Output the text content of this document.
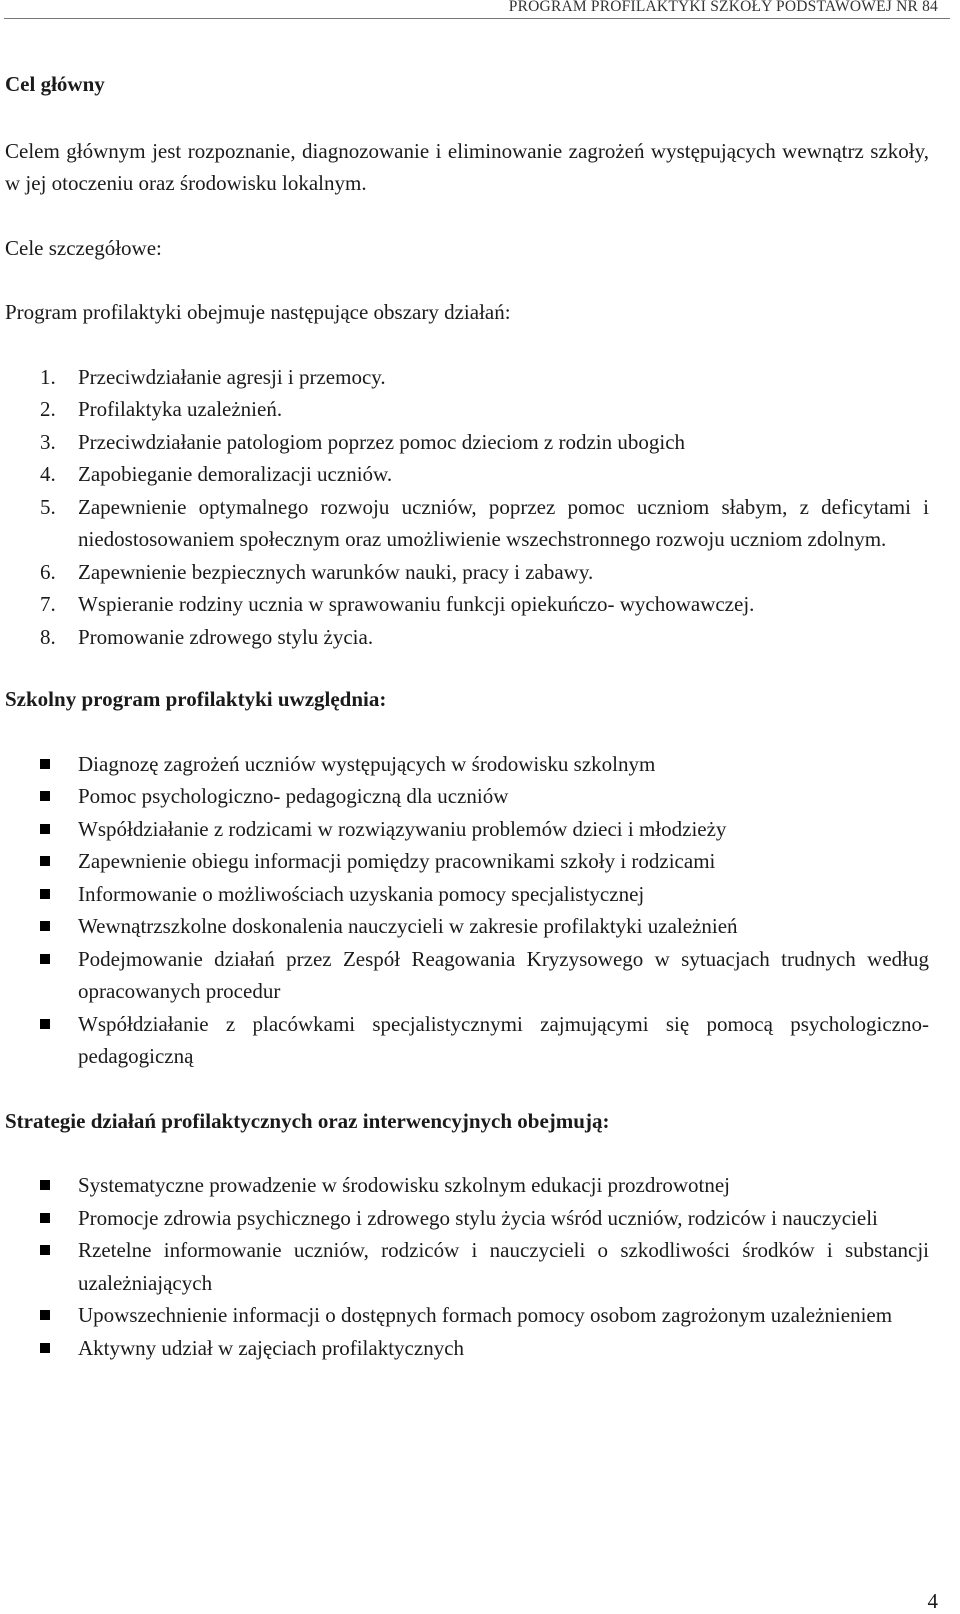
PROGRAM PROFILAKTYKI SZKOŁY PODSTAWOWEJ NR 84
Cel główny

Celem głównym jest rozpoznanie, diagnozowanie i eliminowanie zagrożeń występujących wewnątrz szkoły, w jej otoczeniu oraz środowisku lokalnym.

Cele szczegółowe:

Program profilaktyki obejmuje następujące obszary działań:

1. Przeciwdziałanie agresji i przemocy.
2. Profilaktyka uzależnień.
3. Przeciwdziałanie patologiom poprzez pomoc dzieciom z rodzin ubogich
4. Zapobieganie demoralizacji uczniów.
5. Zapewnienie optymalnego rozwoju uczniów, poprzez pomoc uczniom słabym, z deficytami i niedostosowaniem społecznym oraz umożliwienie wszechstronnego rozwoju uczniom zdolnym.
6. Zapewnienie bezpiecznych warunków nauki, pracy i zabawy.
7. Wspieranie rodziny ucznia w sprawowaniu funkcji opiekuńczo- wychowawczej.
8. Promowanie zdrowego stylu życia.
Szkolny program profilaktyki uwzględnia:
Diagnozę zagrożeń uczniów występujących w środowisku szkolnym
Pomoc psychologiczno- pedagogiczną dla uczniów
Współdziałanie z rodzicami w rozwiązywaniu problemów dzieci i młodzieży
Zapewnienie obiegu informacji pomiędzy pracownikami szkoły i rodzicami
Informowanie o możliwościach uzyskania pomocy specjalistycznej
Wewnątrzszkolne doskonalenia nauczycieli w zakresie profilaktyki uzależnień
Podejmowanie działań przez Zespół Reagowania Kryzysowego w sytuacjach trudnych według opracowanych procedur
Współdziałanie z placówkami specjalistycznymi zajmującymi się pomocą psychologiczno- pedagogiczną
Strategie działań profilaktycznych oraz interwencyjnych obejmują:
Systematyczne prowadzenie w środowisku szkolnym edukacji prozdrowotnej
Promocje zdrowia psychicznego i zdrowego stylu życia wśród uczniów, rodziców i nauczycieli
Rzetelne informowanie uczniów, rodziców i nauczycieli o szkodliwości środków i substancji uzależniających
Upowszechnienie informacji o dostępnych formach pomocy osobom zagrożonym uzależnieniem
Aktywny udział w zajęciach profilaktycznych
4
